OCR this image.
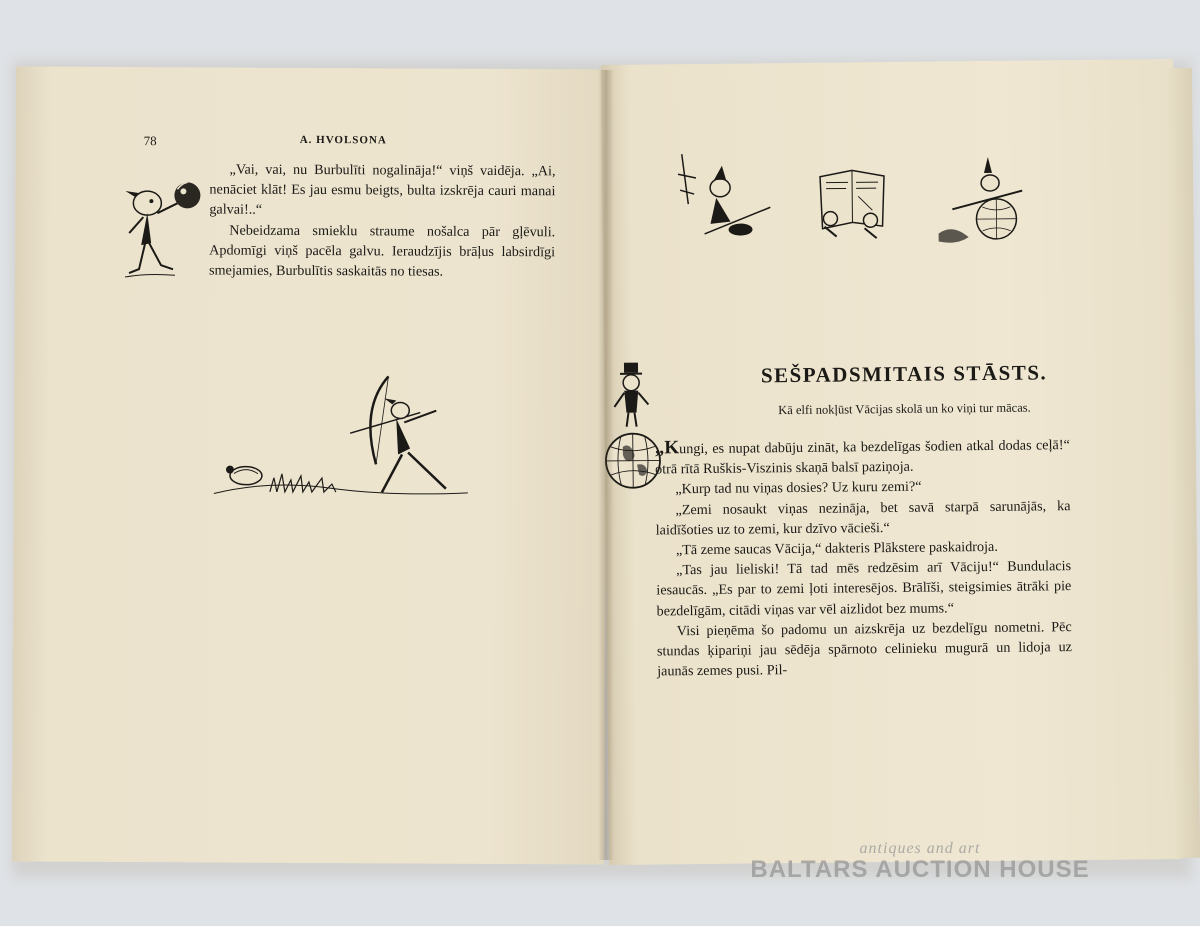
78	A. HVOLSONA

„Vai, vai, nu Burbulīti nogalināja!“ viņš vaidēja. „Ai, nenāciet klāt! Es jau esmu beigts, bulta izskrēja cauri manai galvai!..“

Nebeidzama smieklu straume nošalca pār gļēvuli. Apdomīgi viņš pacēla galvu. Ieraudzījis brāļus labsirdīgi smejamies, Burbulītis saskaitās no tiesas.

SEŠPADSMITAIS STĀSTS.
Kā elfi nokļūst Vācijas skolā un ko viņi tur mācas.

„Kungi, es nupat dabūju zināt, ka bezdelīgas šodien atkal dodas ceļā!“ otrā rītā Ruškis-Viszinis skaņā balsī paziņoja.

„Kurp tad nu viņas dosies? Uz kuru zemi?“

„Zemi nosaukt viņas nezināja, bet savā starpā sarunājās, ka laidīšoties uz to zemi, kur dzīvo vācieši.“

„Tā zeme saucas Vācija,“ dakteris Plākstere paskaidroja.

„Tas jau lieliski! Tā tad mēs redzēsim arī Vāciju!“ Bundulacis iesaucās. „Es par to zemi ļoti interesējos. Brālīši, steigsimies ātrāki pie bezdelīgām, citādi viņas var vēl aizlidot bez mums.“

Visi pieņēma šo padomu un aizskrēja uz bezdelīgu nometni. Pēc stundas ķipariņi jau sēdēja spārnoto celinieku mugurā un lidoja uz jaunās zemes pusi. Pil-

antiques and art
BALTARS AUCTION HOUSE
